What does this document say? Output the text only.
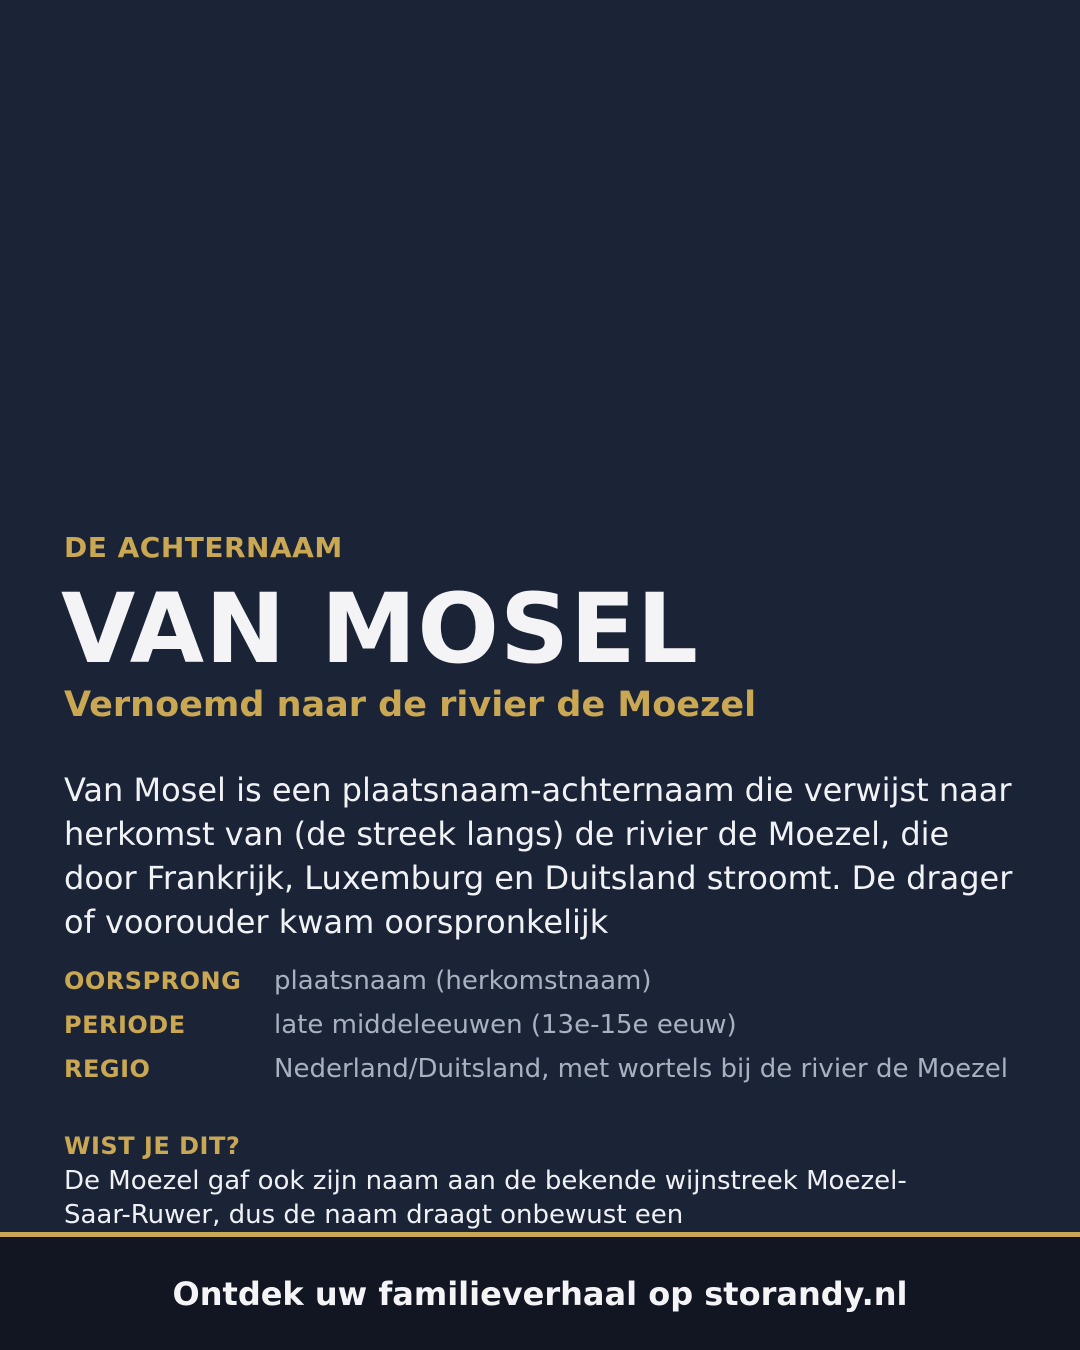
DE ACHTERNAAM
VAN MOSEL
Vernoemd naar de rivier de Moezel

Van Mosel is een plaatsnaam-achternaam die verwijst naar herkomst van (de streek langs) de rivier de Moezel, die door Frankrijk, Luxemburg en Duitsland stroomt. De drager of voorouder kwam oorspronkelijk

OORSPRONG	plaatsnaam (herkomstnaam)
PERIODE	late middeleeuwen (13e-15e eeuw)
REGIO	Nederland/Duitsland, met wortels bij de rivier de Moezel
WIST JE DIT?

De Moezel gaf ook zijn naam aan de bekende wijnstreek Moezel-Saar-Ruwer, dus de naam draagt onbewust een

Ontdek uw familieverhaal op storandy.nl
